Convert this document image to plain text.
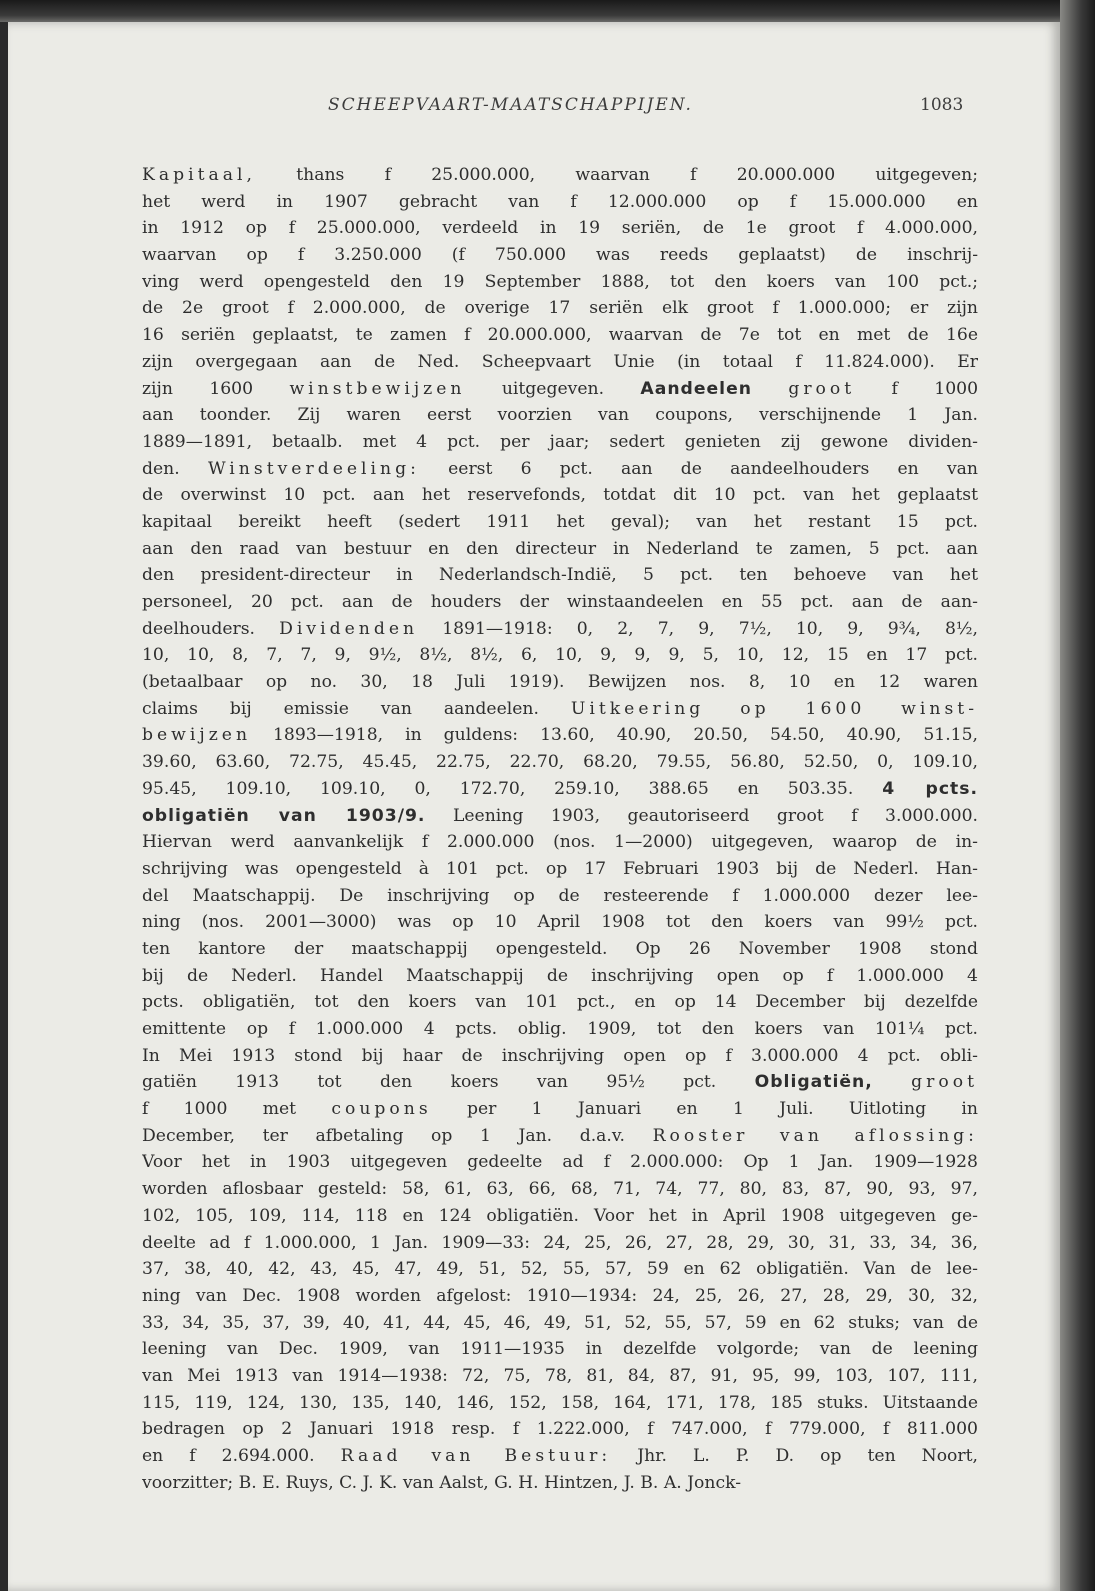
SCHEEPVAART-MAATSCHAPPIJEN.	1083
Kapitaal, thans f 25.000.000, waarvan f 20.000.000 uitgegeven;
het werd in 1907 gebracht van f 12.000.000 op f 15.000.000 en
in 1912 op f 25.000.000, verdeeld in 19 seriën, de 1e groot f 4.000.000,
waarvan op f 3.250.000 (f 750.000 was reeds geplaatst) de inschrij-
ving werd opengesteld den 19 September 1888, tot den koers van 100 pct.;
de 2e groot f 2.000.000, de overige 17 seriën elk groot f 1.000.000; er zijn
16 seriën geplaatst, te zamen f 20.000.000, waarvan de 7e tot en met de 16e
zijn overgegaan aan de Ned. Scheepvaart Unie (in totaal f 11.824.000). Er
zijn 1600 winstbewijzen uitgegeven. Aandeelen groot f 1000
aan toonder. Zij waren eerst voorzien van coupons, verschijnende 1 Jan.
1889—1891, betaalb. met 4 pct. per jaar; sedert genieten zij gewone dividen-
den. Winstverdeeling: eerst 6 pct. aan de aandeelhouders en van
de overwinst 10 pct. aan het reservefonds, totdat dit 10 pct. van het geplaatst
kapitaal bereikt heeft (sedert 1911 het geval); van het restant 15 pct.
aan den raad van bestuur en den directeur in Nederland te zamen, 5 pct. aan
den president-directeur in Nederlandsch-Indië, 5 pct. ten behoeve van het
personeel, 20 pct. aan de houders der winstaandeelen en 55 pct. aan de aan-
deelhouders. Dividenden 1891—1918: 0, 2, 7, 9, 7½, 10, 9, 9¾, 8½,
10, 10, 8, 7, 7, 9, 9½, 8½, 8½, 6, 10, 9, 9, 9, 5, 10, 12, 15 en 17 pct.
(betaalbaar op no. 30, 18 Juli 1919). Bewijzen nos. 8, 10 en 12 waren
claims bij emissie van aandeelen. Uitkeering op 1600 winst-
bewijzen 1893—1918, in guldens: 13.60, 40.90, 20.50, 54.50, 40.90, 51.15,
39.60, 63.60, 72.75, 45.45, 22.75, 22.70, 68.20, 79.55, 56.80, 52.50, 0, 109.10,
95.45, 109.10, 109.10, 0, 172.70, 259.10, 388.65 en 503.35. 4 pcts.
obligatiën van 1903/9. Leening 1903, geautoriseerd groot f 3.000.000.
Hiervan werd aanvankelijk f 2.000.000 (nos. 1—2000) uitgegeven, waarop de in-
schrijving was opengesteld à 101 pct. op 17 Februari 1903 bij de Nederl. Han-
del Maatschappij. De inschrijving op de resteerende f 1.000.000 dezer lee-
ning (nos. 2001—3000) was op 10 April 1908 tot den koers van 99½ pct.
ten kantore der maatschappij opengesteld. Op 26 November 1908 stond
bij de Nederl. Handel Maatschappij de inschrijving open op f 1.000.000 4
pcts. obligatiën, tot den koers van 101 pct., en op 14 December bij dezelfde
emittente op f 1.000.000 4 pcts. oblig. 1909, tot den koers van 101¼ pct.
In Mei 1913 stond bij haar de inschrijving open op f 3.000.000 4 pct. obli-
gatiën 1913 tot den koers van 95½ pct. Obligatiën, groot
f 1000 met coupons per 1 Januari en 1 Juli. Uitloting in
December, ter afbetaling op 1 Jan. d.a.v. Rooster van aflossing:
Voor het in 1903 uitgegeven gedeelte ad f 2.000.000: Op 1 Jan. 1909—1928
worden aflosbaar gesteld: 58, 61, 63, 66, 68, 71, 74, 77, 80, 83, 87, 90, 93, 97,
102, 105, 109, 114, 118 en 124 obligatiën. Voor het in April 1908 uitgegeven ge-
deelte ad f 1.000.000, 1 Jan. 1909—33: 24, 25, 26, 27, 28, 29, 30, 31, 33, 34, 36,
37, 38, 40, 42, 43, 45, 47, 49, 51, 52, 55, 57, 59 en 62 obligatiën. Van de lee-
ning van Dec. 1908 worden afgelost: 1910—1934: 24, 25, 26, 27, 28, 29, 30, 32,
33, 34, 35, 37, 39, 40, 41, 44, 45, 46, 49, 51, 52, 55, 57, 59 en 62 stuks; van de
leening van Dec. 1909, van 1911—1935 in dezelfde volgorde; van de leening
van Mei 1913 van 1914—1938: 72, 75, 78, 81, 84, 87, 91, 95, 99, 103, 107, 111,
115, 119, 124, 130, 135, 140, 146, 152, 158, 164, 171, 178, 185 stuks. Uitstaande
bedragen op 2 Januari 1918 resp. f 1.222.000, f 747.000, f 779.000, f 811.000
en f 2.694.000. Raad van Bestuur: Jhr. L. P. D. op ten Noort,
voorzitter; B. E. Ruys, C. J. K. van Aalst, G. H. Hintzen, J. B. A. Jonck-
